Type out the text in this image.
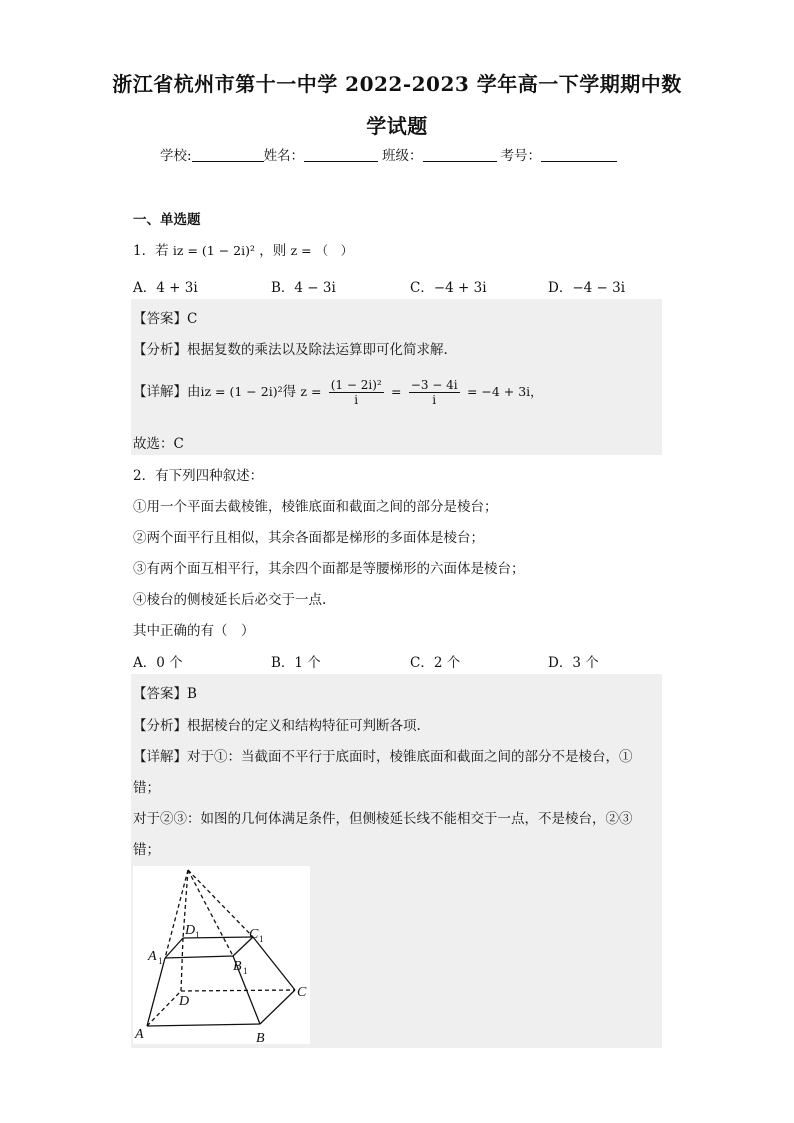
浙江省杭州市第十一中学 2022-2023 学年高一下学期期中数
学试题
学校:	姓名：	班级：	考号：
一、单选题
1．若 iz = (1 − 2i)² ，则 z = （　）
A．4 + 3i	B．4 − 3i	C．−4 + 3i	D．−4 − 3i
【答案】C
【分析】根据复数的乘法以及除法运算即可化简求解.
【详解】由iz = (1 − 2i)²得 $z = \frac{\text{(1 − 2i)²}}{i} = \frac{-3 - 4i}{i} = -4 + 3i$，
故选：C
2．有下列四种叙述：
①用一个平面去截棱锥，棱锥底面和截面之间的部分是棱台；
②两个面平行且相似，其余各面都是梯形的多面体是棱台；
③有两个面互相平行，其余四个面都是等腰梯形的六面体是棱台；
④棱台的侧棱延长后必交于一点.
其中正确的有（　）
A．0 个	B．1 个	C．2 个	D．3 个
【答案】B
【分析】根据棱台的定义和结构特征可判断各项.
【详解】对于①：当截面不平行于底面时，棱锥底面和截面之间的部分不是棱台，①
错；
对于②③：如图的几何体满足条件，但侧棱延长线不能相交于一点，不是棱台，②③
错；
A	B
C
D
A 1	B 1
C 1
D 1
